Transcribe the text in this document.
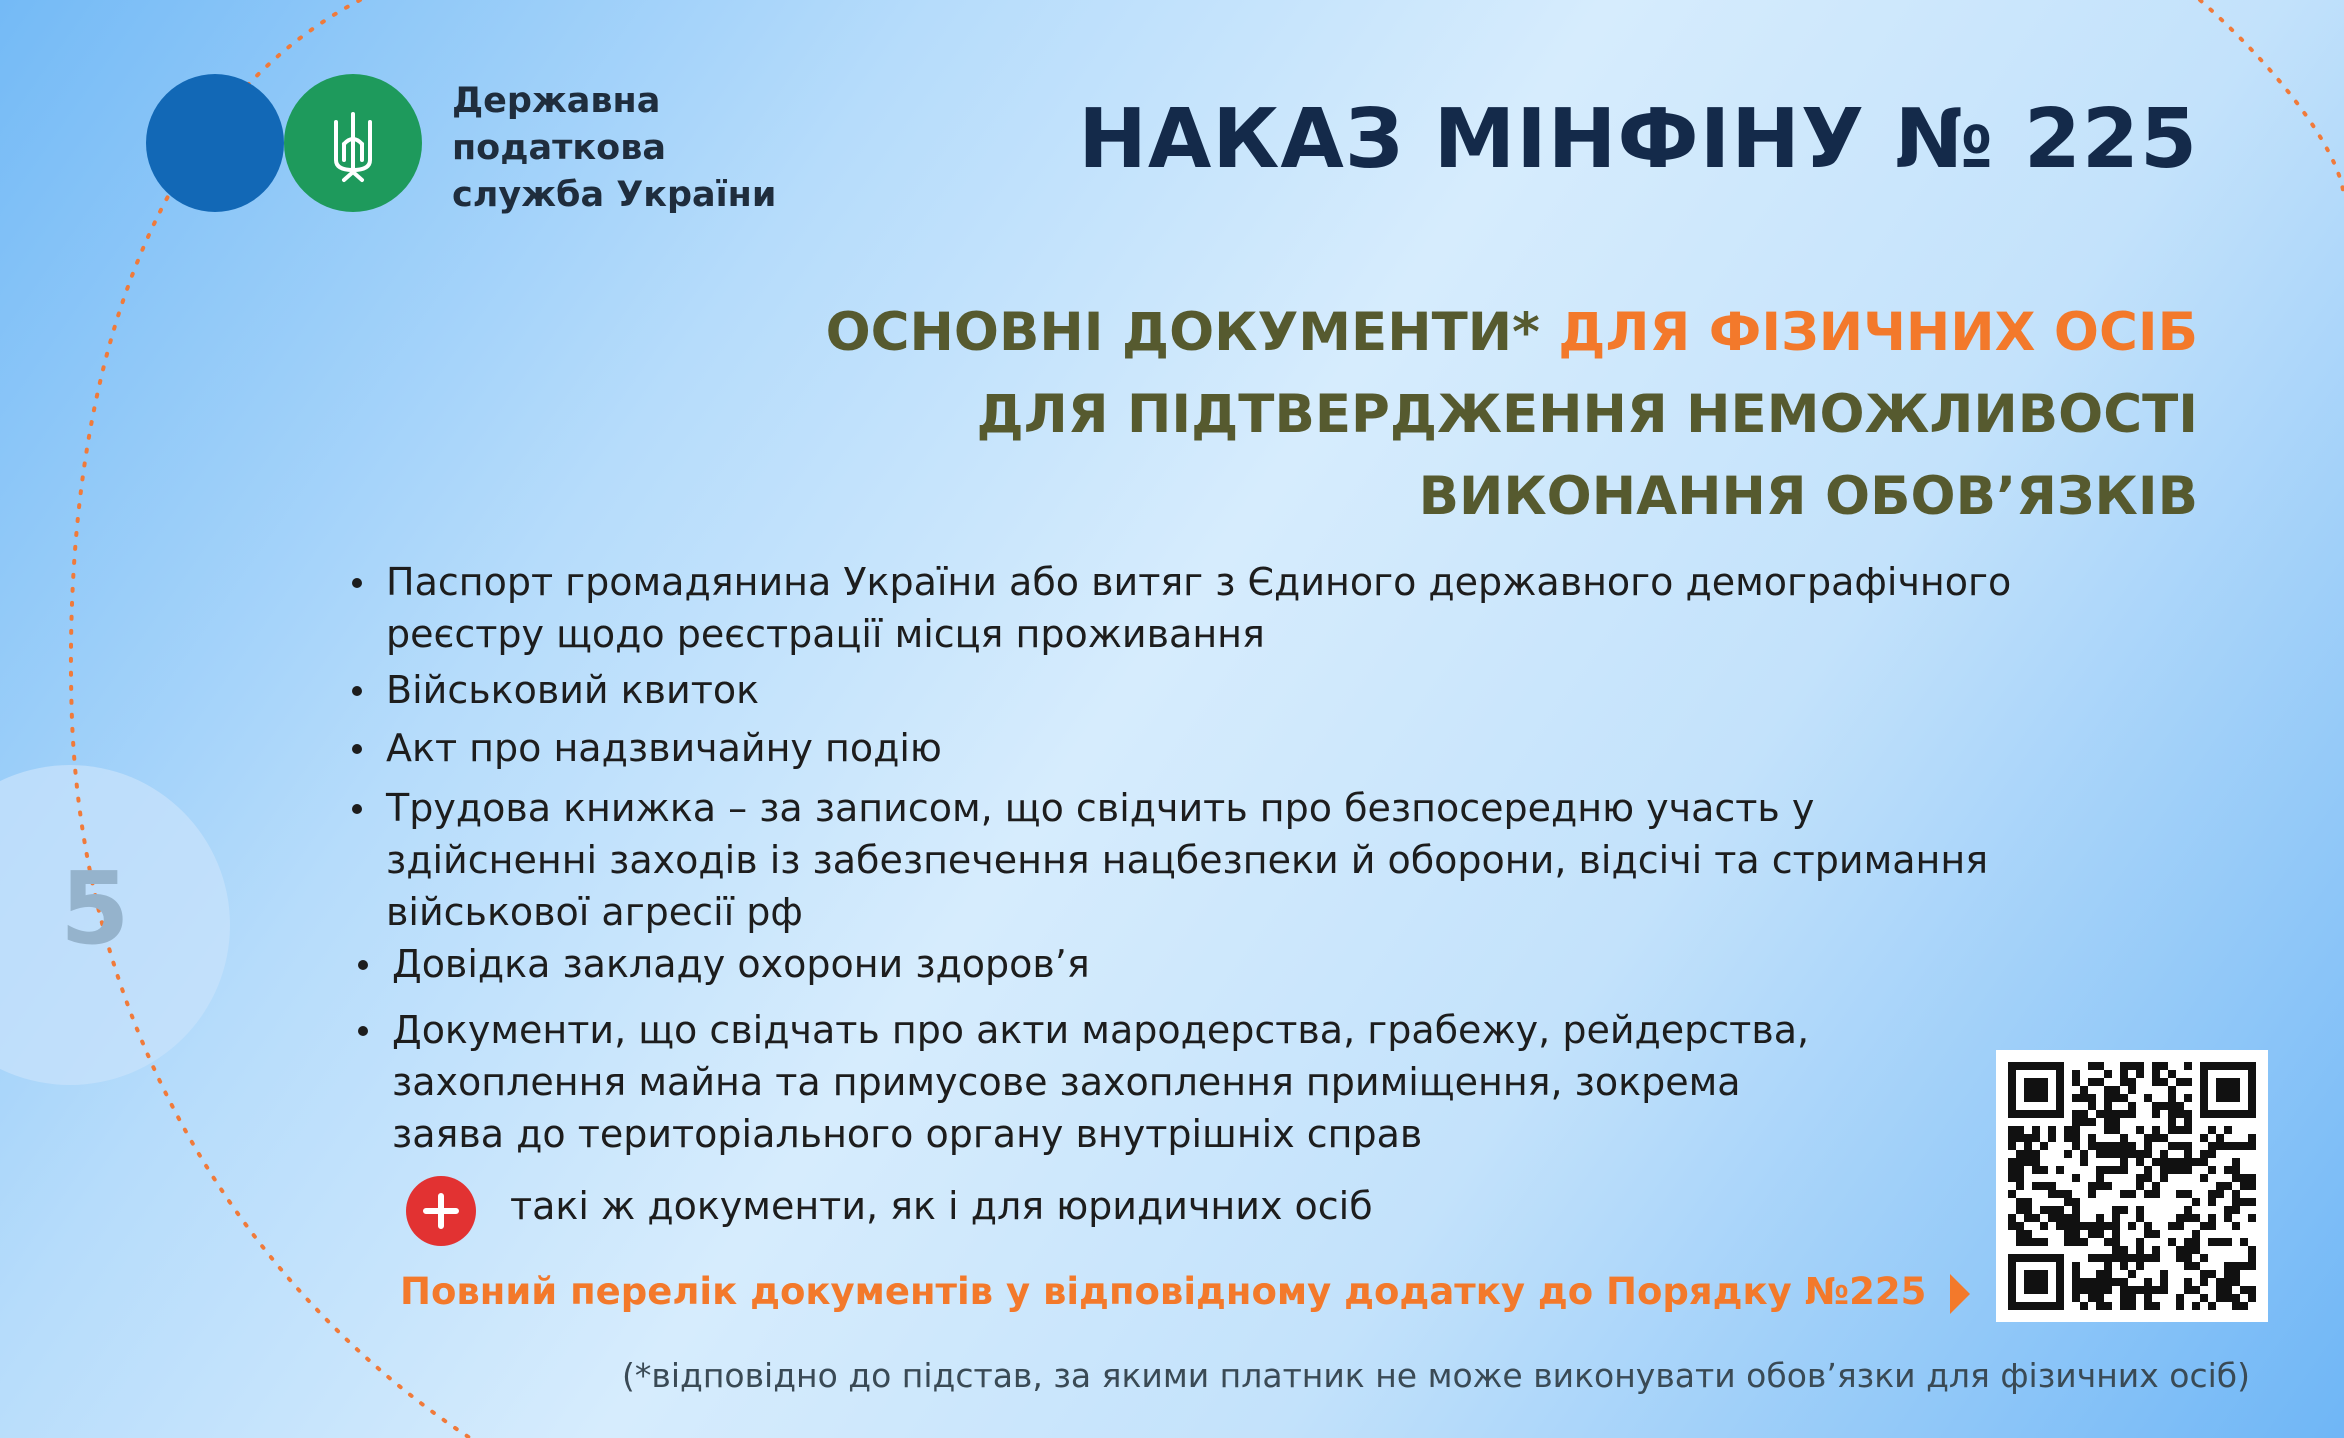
5
Державна
податкова
служба України
НАКАЗ МІНФІНУ № 225
ОСНОВНІ ДОКУМЕНТИ* ДЛЯ ФІЗИЧНИХ ОСІБ
ДЛЯ ПІДТВЕРДЖЕННЯ НЕМОЖЛИВОСТІ
ВИКОНАННЯ ОБОВ’ЯЗКІВ
Паспорт громадянина України або витяг з Єдиного державного демографічного
реєстру щодо реєстрації місця проживання
Військовий квиток
Акт про надзвичайну подію
Трудова книжка – за записом, що свідчить про безпосередню участь у
здійсненні заходів із забезпечення нацбезпеки й оборони, відсічі та стримання
військової агресії рф
Довідка закладу охорони здоров’я
Документи, що свідчать про акти мародерства, грабежу, рейдерства,
захоплення майна та примусове захоплення приміщення, зокрема
заява до територіального органу внутрішніх справ
такі ж документи, як і для юридичних осіб
Повний перелік документів у відповідному додатку до Порядку №225
(*відповідно до підстав, за якими платник не може виконувати обов’язки для фізичних осіб)
